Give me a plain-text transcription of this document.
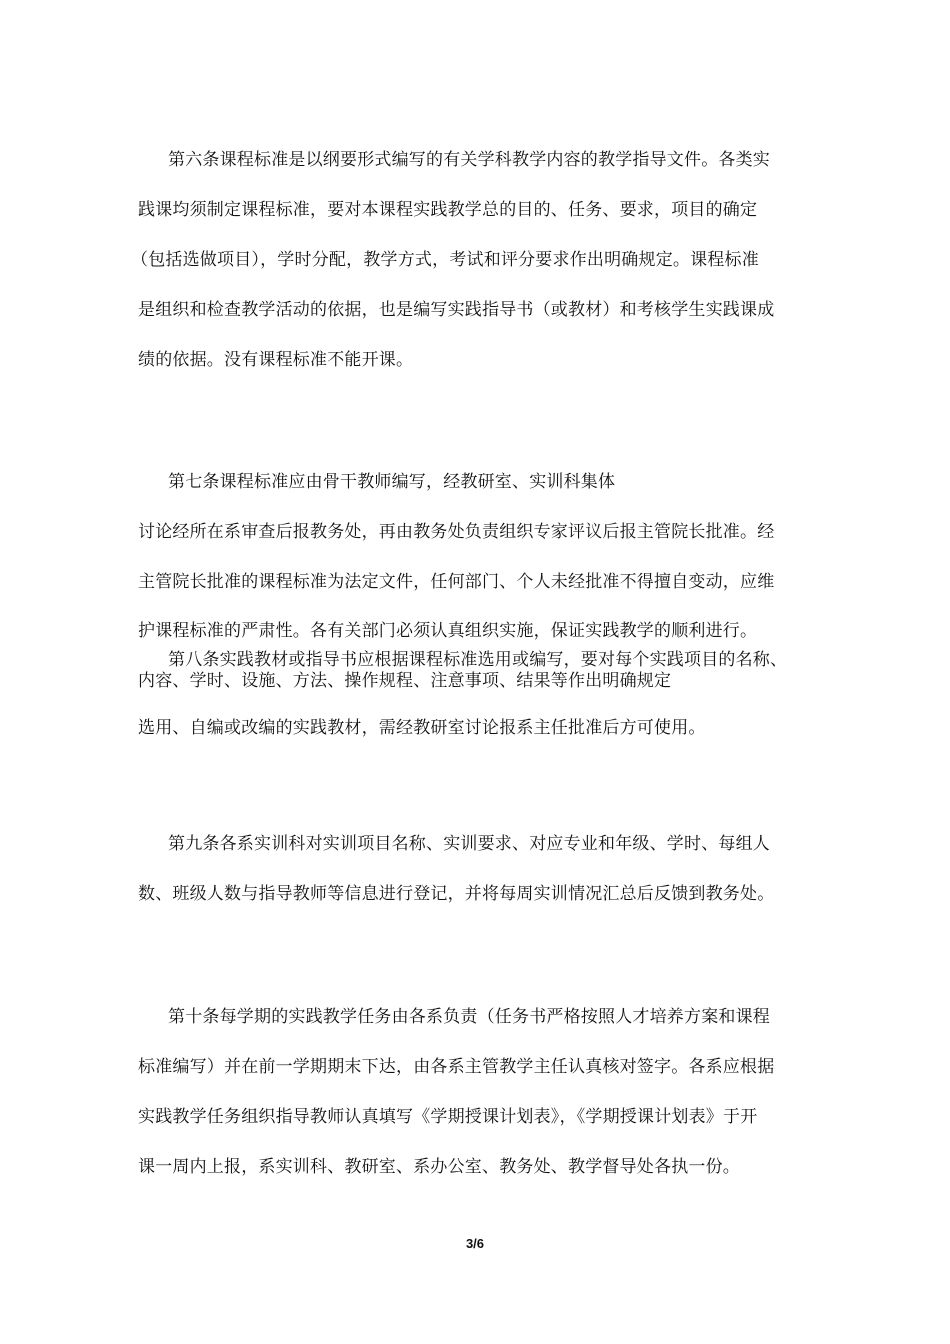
第六条课程标准是以纲要形式编写的有关学科教学内容的教学指导文件。各类实
践课均须制定课程标准，要对本课程实践教学总的目的、任务、要求，项目的确定
（包括选做项目），学时分配，教学方式，考试和评分要求作出明确规定。课程标准
是组织和检查教学活动的依据，也是编写实践指导书（或教材）和考核学生实践课成
绩的依据。没有课程标准不能开课。
第七条课程标准应由骨干教师编写，经教研室、实训科集体
讨论经所在系审查后报教务处，再由教务处负责组织专家评议后报主管院长批准。经
主管院长批准的课程标准为法定文件，任何部门、个人未经批准不得擅自变动，应维
护课程标准的严肃性。各有关部门必须认真组织实施，保证实践教学的顺利进行。
第八条实践教材或指导书应根据课程标准选用或编写，要对每个实践项目的名称、
内容、学时、设施、方法、操作规程、注意事项、结果等作出明确规定
选用、自编或改编的实践教材，需经教研室讨论报系主任批准后方可使用。
第九条各系实训科对实训项目名称、实训要求、对应专业和年级、学时、每组人
数、班级人数与指导教师等信息进行登记，并将每周实训情况汇总后反馈到教务处。
第十条每学期的实践教学任务由各系负责（任务书严格按照人才培养方案和课程
标准编写）并在前一学期期末下达，由各系主管教学主任认真核对签字。各系应根据
实践教学任务组织指导教师认真填写《学期授课计划表》，《学期授课计划表》于开
课一周内上报，系实训科、教研室、系办公室、教务处、教学督导处各执一份。
3/6
